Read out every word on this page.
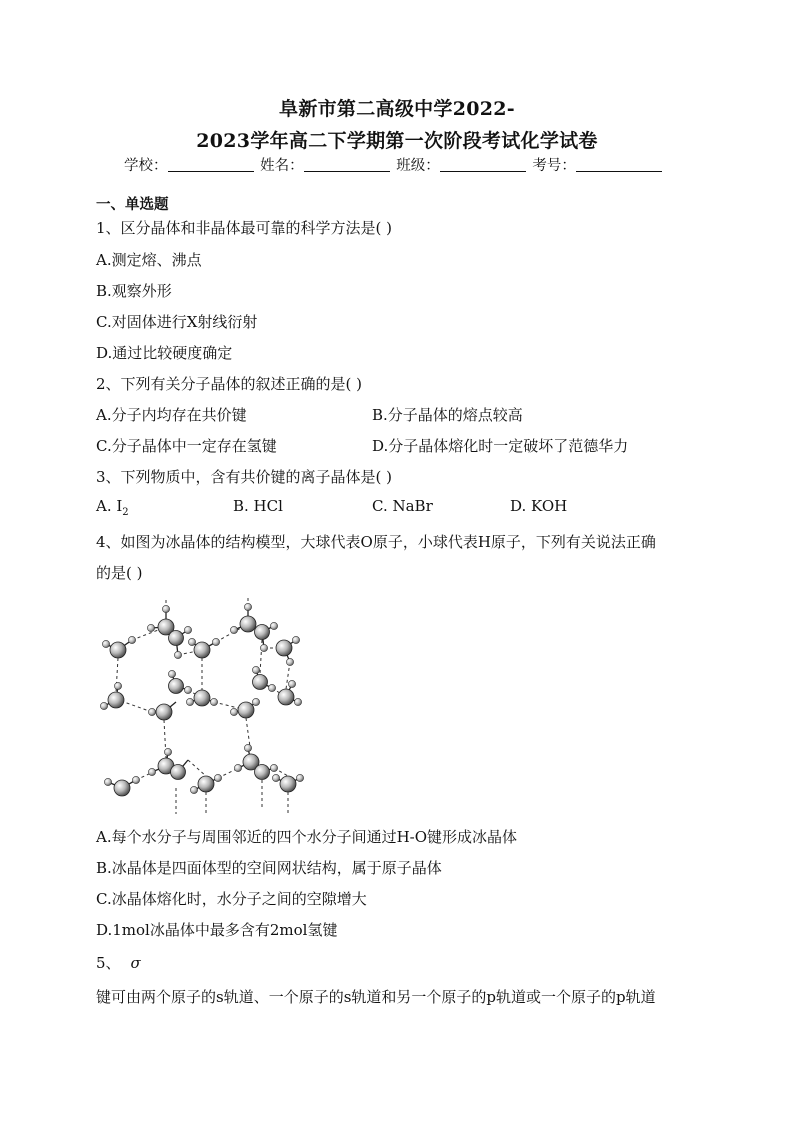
阜新市第二高级中学2022-
2023学年高二下学期第一次阶段考试化学试卷
学校：	姓名：	班级：	考号：
一、单选题
1、区分晶体和非晶体最可靠的科学方法是( )
A.测定熔、沸点
B.观察外形
C.对固体进行X射线衍射
D.通过比较硬度确定
2、下列有关分子晶体的叙述正确的是( )
A.分子内均存在共价键	B.分子晶体的熔点较高
C.分子晶体中一定存在氢键	D.分子晶体熔化时一定破坏了范德华力
3、下列物质中，含有共价键的离子晶体是( )
A. $I_2$	B. HCl	C. NaBr	D. KOH
4、如图为冰晶体的结构模型，大球代表O原子，小球代表H原子，下列有关说法正确
的是( )
A.每个水分子与周围邻近的四个水分子间通过H-O键形成冰晶体
B.冰晶体是四面体型的空间网状结构，属于原子晶体
C.冰晶体熔化时，水分子之间的空隙增大
D.1mol冰晶体中最多含有2mol氢键
5、 σ
键可由两个原子的s轨道、一个原子的s轨道和另一个原子的p轨道或一个原子的p轨道
